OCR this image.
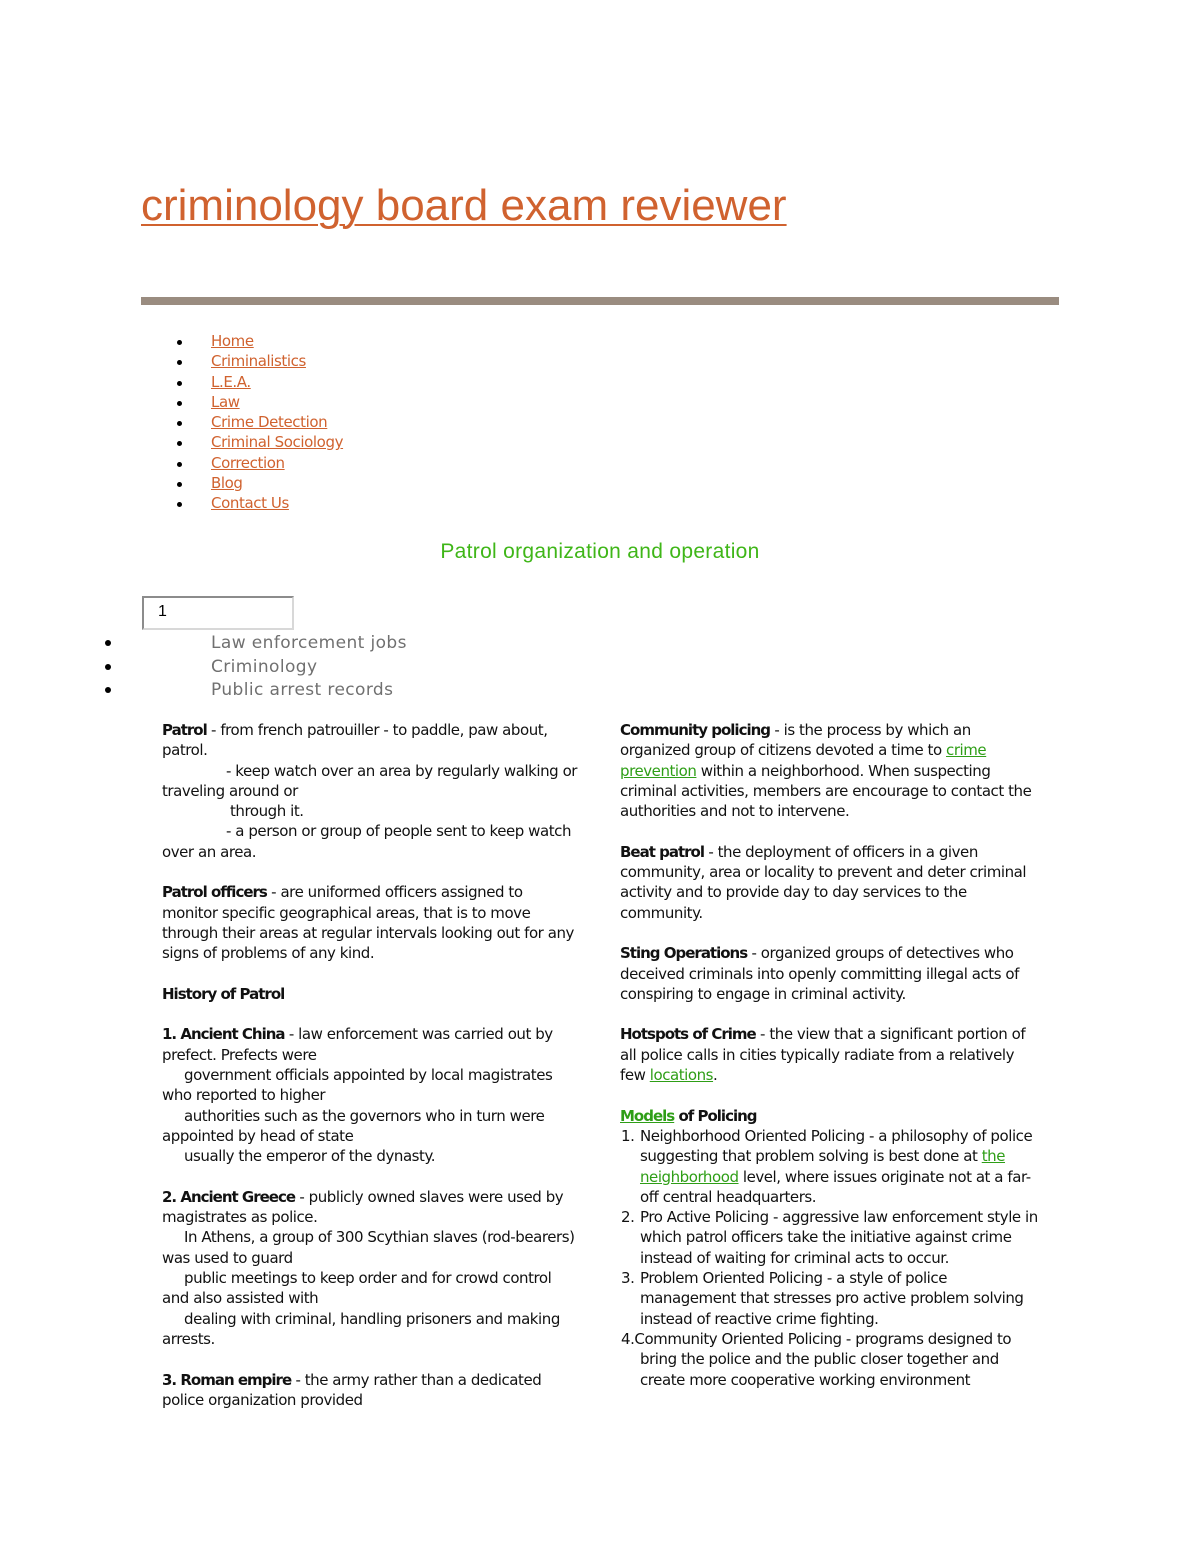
criminology board exam reviewer
Home
Criminalistics
L.E.A.
Law
Crime Detection
Criminal Sociology
Correction
Blog
Contact Us
Patrol organization and operation
1
Law enforcement jobs
Criminology
Public arrest records

Patrol - from french patrouiller - to paddle, paw about, patrol.
- keep watch over an area by regularly walking or traveling around or
through it.
- a person or group of people sent to keep watch over an area.

Patrol officers - are uniformed officers assigned to monitor specific geographical areas, that is to move through their areas at regular intervals looking out for any signs of problems of any kind.

History of Patrol

1. Ancient China - law enforcement was carried out by prefect. Prefects were
government officials appointed by local magistrates who reported to higher
authorities such as the governors who in turn were appointed by head of state
usually the emperor of the dynasty.

2. Ancient Greece - publicly owned slaves were used by magistrates as police.
In Athens, a group of 300 Scythian slaves (rod-bearers) was used to guard
public meetings to keep order and for crowd control and also assisted with
dealing with criminal, handling prisoners and making arrests.

3. Roman empire - the army rather than a dedicated police organization provided

Community policing - is the process by which an organized group of citizens devoted a time to crime prevention within a neighborhood. When suspecting criminal activities, members are encourage to contact the authorities and not to intervene.

Beat patrol - the deployment of officers in a given community, area or locality to prevent and deter criminal activity and to provide day to day services to the community.

Sting Operations - organized groups of detectives who deceived criminals into openly committing illegal acts of conspiring to engage in criminal activity.

Hotspots of Crime - the view that a significant portion of all police calls in cities typically radiate from a relatively few locations.

Models of Policing
1. Neighborhood Oriented Policing - a philosophy of police suggesting that problem solving is best done at the neighborhood level, where issues originate not at a far-off central headquarters.
2. Pro Active Policing - aggressive law enforcement style in which patrol officers take the initiative against crime instead of waiting for criminal acts to occur.
3. Problem Oriented Policing - a style of police management that stresses pro active problem solving instead of reactive crime fighting.
4.Community Oriented Policing - programs designed to bring the police and the public closer together and create more cooperative working environment
